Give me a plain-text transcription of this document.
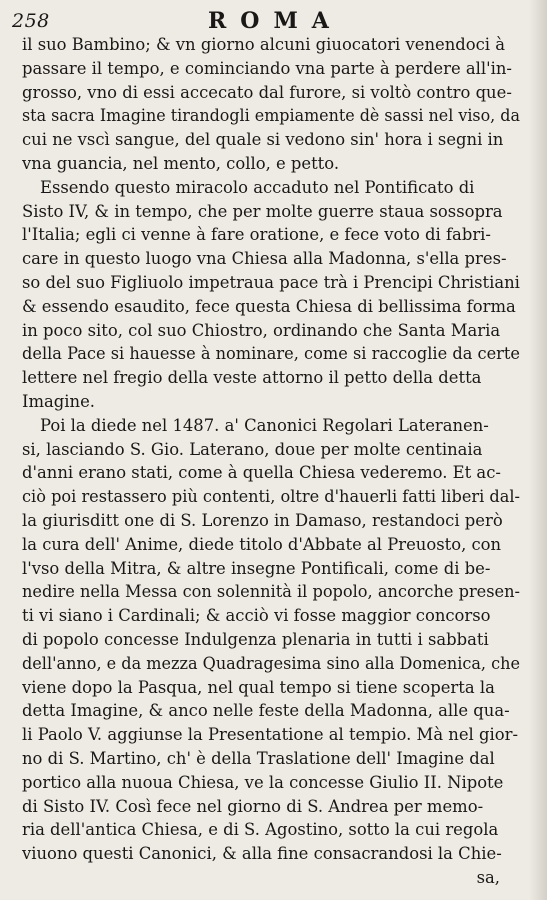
258	ROMA
il suo Bambino; & vn giorno alcuni giuocatori venendoci à
passare il tempo, e cominciando vna parte à perdere all'in-
grosso, vno di essi accecato dal furore, si voltò contro que-
sta sacra Imagine tirandogli empiamente dè sassi nel viso, da
cui ne vscì sangue, del quale si vedono sin' hora i segni in
vna guancia, nel mento, collo, e petto.
Essendo questo miracolo accaduto nel Pontificato di
Sisto IV, & in tempo, che per molte guerre staua sossopra
l'Italia; egli ci venne à fare oratione, e fece voto di fabri-
care in questo luogo vna Chiesa alla Madonna, s'ella pres-
so del suo Figliuolo impetraua pace trà i Prencipi Christiani
& essendo esaudito, fece questa Chiesa di bellissima forma
in poco sito, col suo Chiostro, ordinando che Santa Maria
della Pace si hauesse à nominare, come si raccoglie da certe
lettere nel fregio della veste attorno il petto della detta
Imagine.
Poi la diede nel 1487. a' Canonici Regolari Lateranen-
si, lasciando S. Gio. Laterano, doue per molte centinaia
d'anni erano stati, come à quella Chiesa vederemo. Et ac-
ciò poi restassero più contenti, oltre d'hauerli fatti liberi dal-
la giurisditt one di S. Lorenzo in Damaso, restandoci però
la cura dell' Anime, diede titolo d'Abbate al Preuosto, con
l'vso della Mitra, & altre insegne Pontificali, come di be-
nedire nella Messa con solennità il popolo, ancorche presen-
ti vi siano i Cardinali; & acciò vi fosse maggior concorso
di popolo concesse Indulgenza plenaria in tutti i sabbati
dell'anno, e da mezza Quadragesima sino alla Domenica, che
viene dopo la Pasqua, nel qual tempo si tiene scoperta la
detta Imagine, & anco nelle feste della Madonna, alle qua-
li Paolo V. aggiunse la Presentatione al tempio. Mà nel gior-
no di S. Martino, ch' è della Traslatione dell' Imagine dal
portico alla nuoua Chiesa, ve la concesse Giulio II. Nipote
di Sisto IV. Così fece nel giorno di S. Andrea per memo-
ria dell'antica Chiesa, e di S. Agostino, sotto la cui regola
viuono questi Canonici, & alla fine consacrandosi la Chie-
sa,
